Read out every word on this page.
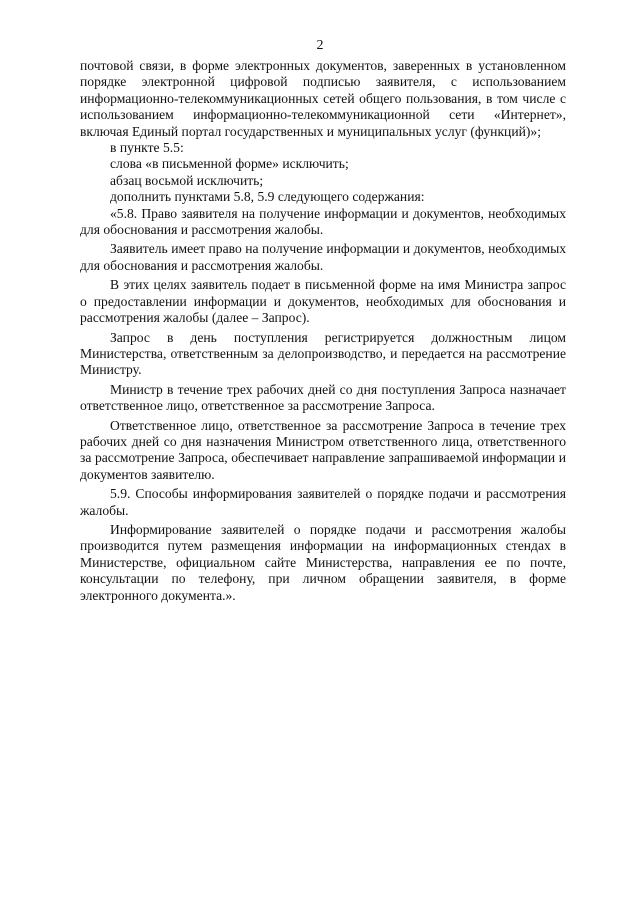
2

почтовой связи, в форме электронных документов, заверенных в установленном порядке электронной цифровой подписью заявителя, с использованием информационно-телекоммуникационных сетей общего пользования, в том числе с использованием информационно-телекоммуникационной сети «Интернет», включая Единый портал государственных и муниципальных услуг (функций)»;

в пункте 5.5:

слова «в письменной форме» исключить;

абзац восьмой исключить;

дополнить пунктами 5.8, 5.9 следующего содержания:

«5.8. Право заявителя на получение информации и документов, необходимых для обоснования и рассмотрения жалобы.

Заявитель имеет право на получение информации и документов, необходимых для обоснования и рассмотрения жалобы.

В этих целях заявитель подает в письменной форме на имя Министра запрос о предоставлении информации и документов, необходимых для обоснования и рассмотрения жалобы (далее – Запрос).

Запрос в день поступления регистрируется должностным лицом Министерства, ответственным за делопроизводство, и передается на рассмотрение Министру.

Министр в течение трех рабочих дней со дня поступления Запроса назначает ответственное лицо, ответственное за рассмотрение Запроса.

Ответственное лицо, ответственное за рассмотрение Запроса в течение трех рабочих дней со дня назначения Министром ответственного лица, ответственного за рассмотрение Запроса, обеспечивает направление запрашиваемой информации и документов заявителю.

5.9. Способы информирования заявителей о порядке подачи и рассмотрения жалобы.

Информирование заявителей о порядке подачи и рассмотрения жалобы производится путем размещения информации на информационных стендах в Министерстве, официальном сайте Министерства, направления ее по почте, консультации по телефону, при личном обращении заявителя, в форме электронного документа.».
